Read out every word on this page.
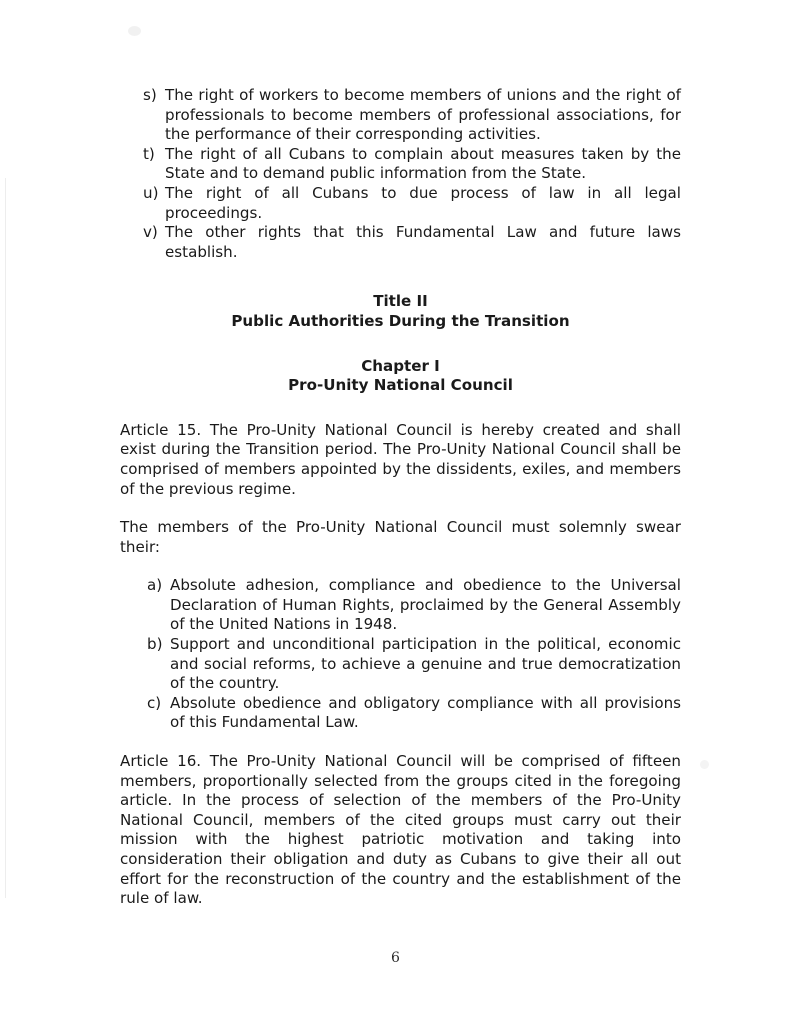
s) The right of workers to become members of unions and the right of professionals to become members of professional associations, for the performance of their corresponding activities.
t) The right of all Cubans to complain about measures taken by the State and to demand public information from the State.
u) The right of all Cubans to due process of law in all legal proceedings.
v) The other rights that this Fundamental Law and future laws establish.
Title II
Public Authorities During the Transition
Chapter I
Pro-Unity National Council

Article 15. The Pro-Unity National Council is hereby created and shall exist during the Transition period. The Pro-Unity National Council shall be comprised of members appointed by the dissidents, exiles, and members of the previous regime.

The members of the Pro-Unity National Council must solemnly swear their:

a) Absolute adhesion, compliance and obedience to the Universal Declaration of Human Rights, proclaimed by the General Assembly of the United Nations in 1948.
b) Support and unconditional participation in the political, economic and social reforms, to achieve a genuine and true democratization of the country.
c) Absolute obedience and obligatory compliance with all provisions of this Fundamental Law.

Article 16. The Pro-Unity National Council will be comprised of fifteen members, proportionally selected from the groups cited in the foregoing article. In the process of selection of the members of the Pro-Unity National Council, members of the cited groups must carry out their mission with the highest patriotic motivation and taking into consideration their obligation and duty as Cubans to give their all out effort for the reconstruction of the country and the establishment of the rule of law.

6
